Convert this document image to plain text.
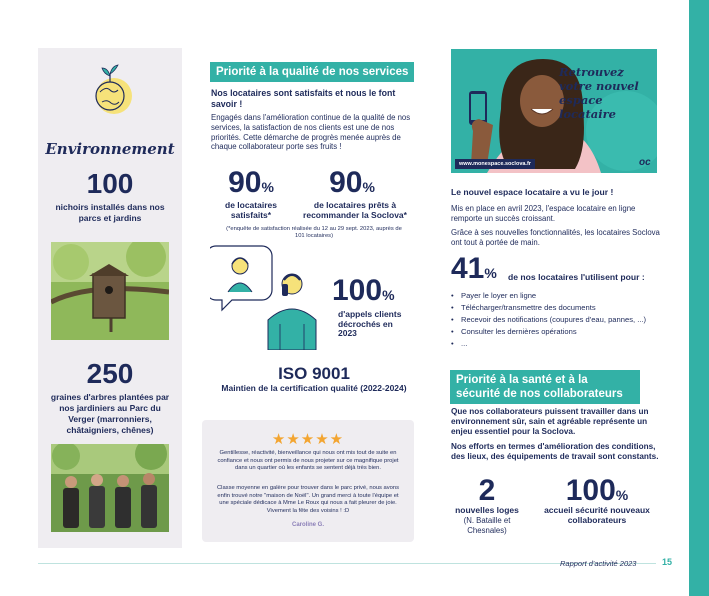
Environnement
100
nichoirs installés dans nos parcs et jardins
250
graines d'arbres plantées par nos jardiniers au Parc du Verger (marronniers, châtaigniers, chênes)
Priorité à la qualité de nos services
Nos locataires sont satisfaits et nous le font savoir !
Engagés dans l'amélioration continue de la qualité de nos services, la satisfaction de nos clients est une de nos priorités. Cette démarche de progrès menée auprès de chaque collaborateur porte ses fruits !
90%
de locataires satisfaits*
90%
de locataires prêts à recommander la Soclova*
(*enquête de satisfaction réalisée du 12 au 29 sept. 2023, auprès de 101 locataires)
100%
d'appels clients décrochés en 2023
ISO 9001
Maintien de la certification qualité (2022-2024)
★★★★★
Gentillesse, réactivité, bienveillance qui nous ont mis tout de suite en confiance et nous ont permis de nous projeter sur ce magnifique projet dans un quartier où les enfants se sentent déjà très bien.
Classe moyenne en galère pour trouver dans le parc privé, nous avons enfin trouvé notre "maison de Noël". Un grand merci à toute l'équipe et une spéciale dédicace à Mme Le Roux qui nous a fait pleurer de joie. Vivement la fête des voisins ! :D
Caroline G.
Retrouvez votre nouvel espace locataire
www.monespace.soclova.fr	oc
Le nouvel espace locataire a vu le jour !
Mis en place en avril 2023, l'espace locataire en ligne remporte un succès croissant.
Grâce à ses nouvelles fonctionnalités, les locataires Soclova ont tout à portée de main.
41% de nos locataires l'utilisent pour :
• Payer le loyer en ligne
• Télécharger/transmettre des documents
• Recevoir des notifications (coupures d'eau, pannes, ...)
• Consulter les dernières opérations
• ...
Priorité à la santé et à la sécurité de nos collaborateurs
Que nos collaborateurs puissent travailler dans un environnement sûr, sain et agréable représente un enjeu essentiel pour la Soclova.
Nos efforts en termes d'amélioration des conditions, des lieux, des équipements de travail sont constants.
2
nouvelles loges
(N. Bataille et Chesnales)
100%
accueil sécurité nouveaux collaborateurs
Rapport d'activité 2023	15
